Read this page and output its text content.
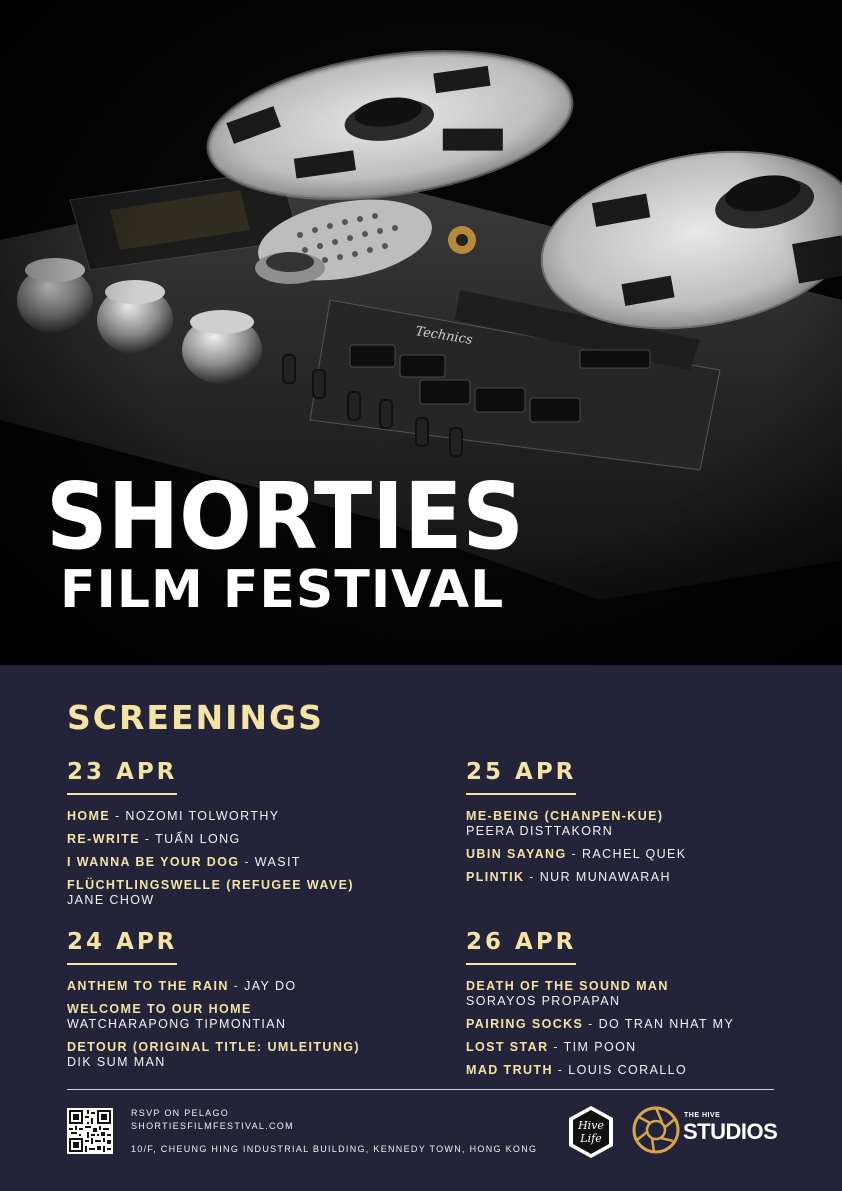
SHORTIES
FILM FESTIVAL
SCREENINGS
23 APR
HOME - NOZOMI TOLWORTHY
RE-WRITE - TUẤN LONG
I WANNA BE YOUR DOG - WASIT
FLÜCHTLINGSWELLE (REFUGEE WAVE)
JANE CHOW
25 APR
ME-BEING (CHANPEN-KUE)
PEERA DISTTAKORN
UBIN SAYANG - RACHEL QUEK
PLINTIK - NUR MUNAWARAH
24 APR
ANTHEM TO THE RAIN - JAY DO
WELCOME TO OUR HOME
WATCHARAPONG TIPMONTIAN
DETOUR (ORIGINAL TITLE: UMLEITUNG)
DIK SUM MAN
26 APR
DEATH OF THE SOUND MAN
SORAYOS PROPAPAN
PAIRING SOCKS - DO TRAN NHAT MY
LOST STAR - TIM POON
MAD TRUTH - LOUIS CORALLO
RSVP ON PELAGO
SHORTIESFILMFESTIVAL.COM
10/F, CHEUNG HING INDUSTRIAL BUILDING, KENNEDY TOWN, HONG KONG
Hive
Life
THE HIVE
STUDIOS
